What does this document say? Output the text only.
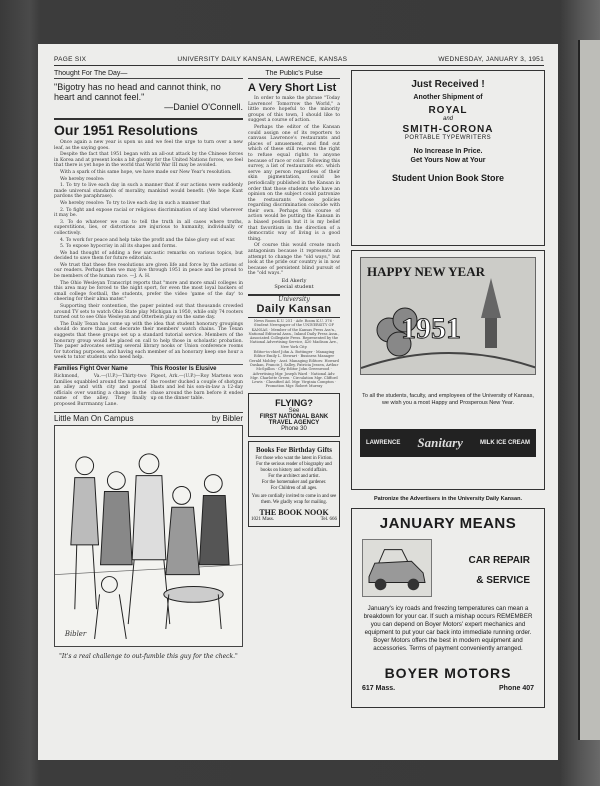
PAGE SIX	UNIVERSITY DAILY KANSAN, LAWRENCE, KANSAS	WEDNESDAY, JANUARY 3, 1951
Thought For The Day—
"Bigotry has no head and cannot think, no heart and cannot feel."
—Daniel O'Connell.
Our 1951 Resolutions

Once again a new year is upon us and we feel the urge to turn over a new leaf, as the saying goes.

Despite the fact that 1951 began with an all-out attack by the Chinese forces in Korea and at present looks a bit gloomy for the United Nations forces, we feel that there is yet hope in the world that World War III may be avoided.

With a spark of this same hope, we have made our New Year's resolution.

We hereby resolve:

1. To try to live each day in such a manner that if our actions were suddenly made universal standards of morality, mankind would benefit. (We hope Kant pardons the paraphrase).

We hereby resolve: To try to live each day in such a manner that

2. To fight and expose racial or religious discrimination of any kind wherever it may be.

3. To do whatever we can to tell the truth in all cases where truths, superstitions, lies, or distortions are injurious to humanity, individually or collectively.

4. To work for peace and help take the profit and the false glory out of war.

5. To expose hypocrisy in all its shapes and forms.

We had thought of adding a few sarcastic remarks on various topics, but decided to save them for future editorials.

We trust that these five resolutions are given life and force by the actions of our readers. Perhaps then we may live through 1951 in peace and be proud to be members of the human race. —J. A. H.

The Ohio Wesleyan Transcript reports that "more and more small colleges in this area may be forced to the night sport, for even the most loyal backers of small college football, the students, prefer the video 'game of the day' to cheering for their alma mater."

Supporting their contention, the paper pointed out that thousands crowded around TV sets to watch Ohio State play Michigan in 1950, while only 74 rooters turned out to see Ohio Wesleyan and Otterbein play on the same day.

The Daily Texan has come up with the idea that student honorary groupings should do more than just decorate their members' watch chains. The Texan suggests that these groups set up a standard tutorial service. Members of the honorary group would be placed on call to help those in scholastic probation. The paper advocates setting several library nooks or Union conference rooms for tutoring purposes, and having each member of an honorary keep one hour a week to tutor students who need help.

Families Fight Over Name
Richmond, Va.—(U.P.)—Thirty-two families squabbled around the name of an alley and with city and postal officials over wanting a change in the name of the alley. They finally proposed Burrmanny Lane.
This Rooster Is Elusive
Pigeot, Ark.—(U.P.)—Roy Martens won the rooster ducked a couple of shotgun blasts and led his son-in-law a 12-day chase around the barn before it ended up on the dinner table.
Little Man On Campus	by Bibler
Bibler
"It's a real challenge to out-fumble this guy for the check."
The Public's Pulse
A Very Short List

In order to make the phrase "Today Lawrence! Tomorrow the World," a little more hopeful to the minority groups of this town, I should like to suggest a course of action.

Perhaps the editor of the Kansan could assign one of its reporters to canvass Lawrence's restaurants and places of amusement, and find out which of these still reserves the right to refuse equal rights to anyone because of race or color. Following this survey, a list of restaurants etc. which serve any person regardless of their skin pigmentation, could be periodically published in the Kansan in order that those students who have an opinion on the subject could patronize the restaurants whose policies regarding discrimination coincide with their own. Perhaps this course of action would be putting the Kansan in a biased position but it is my belief that favoritism in the direction of a democratic way of living is a good thing.

Of course this would create much antagonism because it represents an attempt to change the "old ways," but look at the pride our country is in now because of persistent blind pursuit of the "old ways."

Ed Akerly
Special student
University
Daily Kansan
News Room K.U. 251 · Adv. Room K.U. 376 · Student Newspaper of the UNIVERSITY OF KANSAS · Member of the Kansas Press Ass'n., National Editorial Assn., Inland Daily Press Assn., Associated Collegiate Press. Represented by the National Advertising Service, 420 Madison Ave., New York City.
Editor-in-chief John A. Bottinger · Managing Editor Emily L. Stewart · Business Manager Gerald Mobley · Asst. Managing Editors: Howard Ouskan, Francis J. Salley, Patricia Jessen, Arthur McSpillon · City Editor John Greenwood · Advertising Mgr. Joseph Ward · National Adv. Mgr. Charlotte Green · Circulation Mgr. Clifford Lewis · Classified Ad. Mgr. Virginia Compton · Promotion Mgr. Robert Murray
FLYING?
See
FIRST NATIONAL BANK
TRAVEL AGENCY
Phone 30
Books For Birthday Gifts
For those who want the latest in Fiction.
For the serious reader of biography and books on history and world affairs.
For the architect and artist.
For the homemaker and gardener.
For Children of all ages.
You are cordially invited to come in and see them. We gladly wrap for mailing.
THE BOOK NOOK
1021 Mass.	Tel. 666
Just Received !
Another Shipment of
ROYAL
and
SMITH-CORONA
PORTABLE TYPEWRITERS
No Increase In Price.
Get Yours Now at Your
Student Union Book Store
HAPPY NEW YEAR
1951
To all the students, faculty, and employees of the University of Kansas, we wish you a most Happy and Prosperous New Year.
LAWRENCE Sanitary	MILK ICE CREAM
Patronize the Advertisers in the University Daily Kansan.
JANUARY MEANS
CAR REPAIR
& SERVICE
January's icy roads and freezing temperatures can mean a breakdown for your car. If such a mishap occurs REMEMBER you can depend on Boyer Motors' expert mechanics and equipment to put your car back into immediate running order. Boyer Motors offers the best in modern equipment and accessories. Terms of payment conveniently arranged.
BOYER MOTORS
617 Mass.	Phone 407
